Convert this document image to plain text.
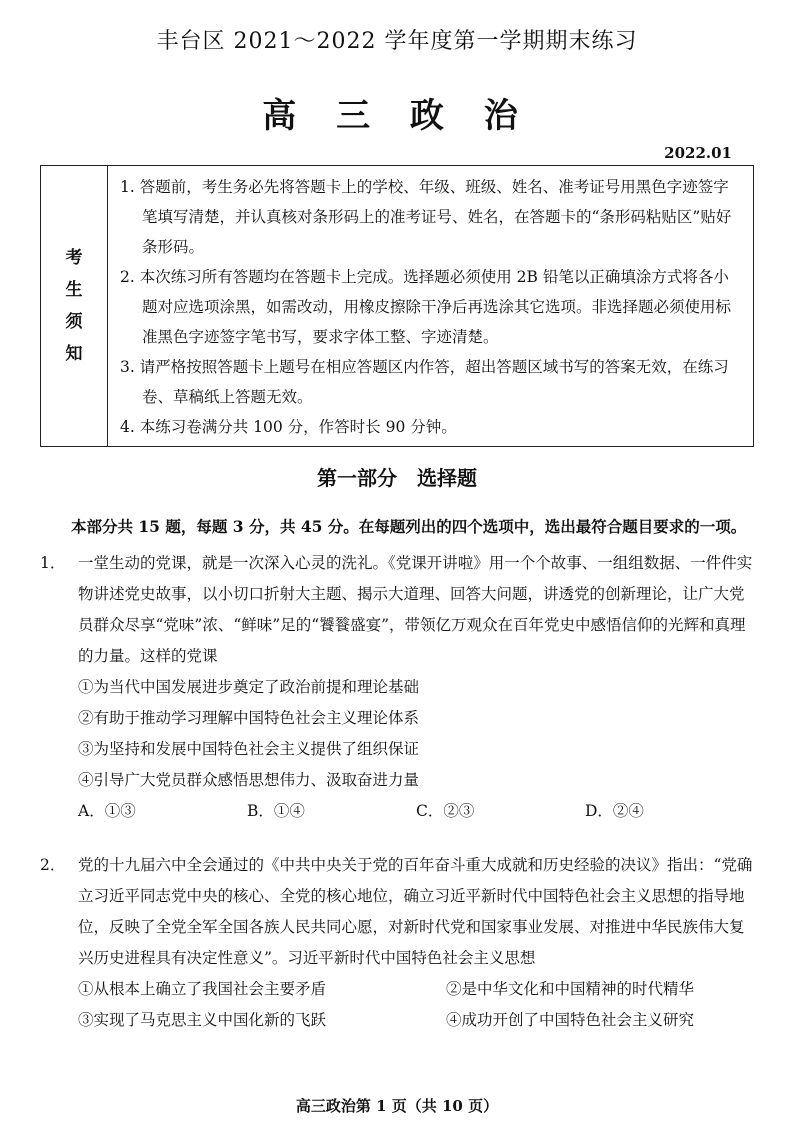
丰台区 2021～2022 学年度第一学期期末练习
高 三 政 治
2022.01
考
生
须
知

1. 答题前，考生务必先将答题卡上的学校、年级、班级、姓名、准考证号用黑色字迹签字笔填写清楚，并认真核对条形码上的准考证号、姓名，在答题卡的“条形码粘贴区”贴好条形码。
2. 本次练习所有答题均在答题卡上完成。选择题必须使用 2B 铅笔以正确填涂方式将各小题对应选项涂黑，如需改动，用橡皮擦除干净后再选涂其它选项。非选择题必须使用标准黑色字迹签字笔书写，要求字体工整、字迹清楚。
3. 请严格按照答题卡上题号在相应答题区内作答，超出答题区域书写的答案无效，在练习卷、草稿纸上答题无效。
4. 本练习卷满分共 100 分，作答时长 90 分钟。
第一部分　选择题
本部分共 15 题，每题 3 分，共 45 分。在每题列出的四个选项中，选出最符合题目要求的一项。
1． 一堂生动的党课，就是一次深入心灵的洗礼。《党课开讲啦》用一个个故事、一组组数据、一件件实物讲述党史故事，以小切口折射大主题、揭示大道理、回答大问题，讲透党的创新理论，让广大党员群众尽享“党味”浓、“鲜味”足的“饕餮盛宴”，带领亿万观众在百年党史中感悟信仰的光辉和真理的力量。这样的党课
①为当代中国发展进步奠定了政治前提和理论基础
②有助于推动学习理解中国特色社会主义理论体系
③为坚持和发展中国特色社会主义提供了组织保证
④引导广大党员群众感悟思想伟力、汲取奋进力量
A．①③	B．①④	C．②③	D．②④
2． 党的十九届六中全会通过的《中共中央关于党的百年奋斗重大成就和历史经验的决议》指出：“党确立习近平同志党中央的核心、全党的核心地位，确立习近平新时代中国特色社会主义思想的指导地位，反映了全党全军全国各族人民共同心愿，对新时代党和国家事业发展、对推进中华民族伟大复兴历史进程具有决定性意义”。习近平新时代中国特色社会主义思想
①从根本上确立了我国社会主要矛盾	②是中华文化和中国精神的时代精华
③实现了马克思主义中国化新的飞跃	④成功开创了中国特色社会主义研究
高三政治第 1 页（共 10 页）
